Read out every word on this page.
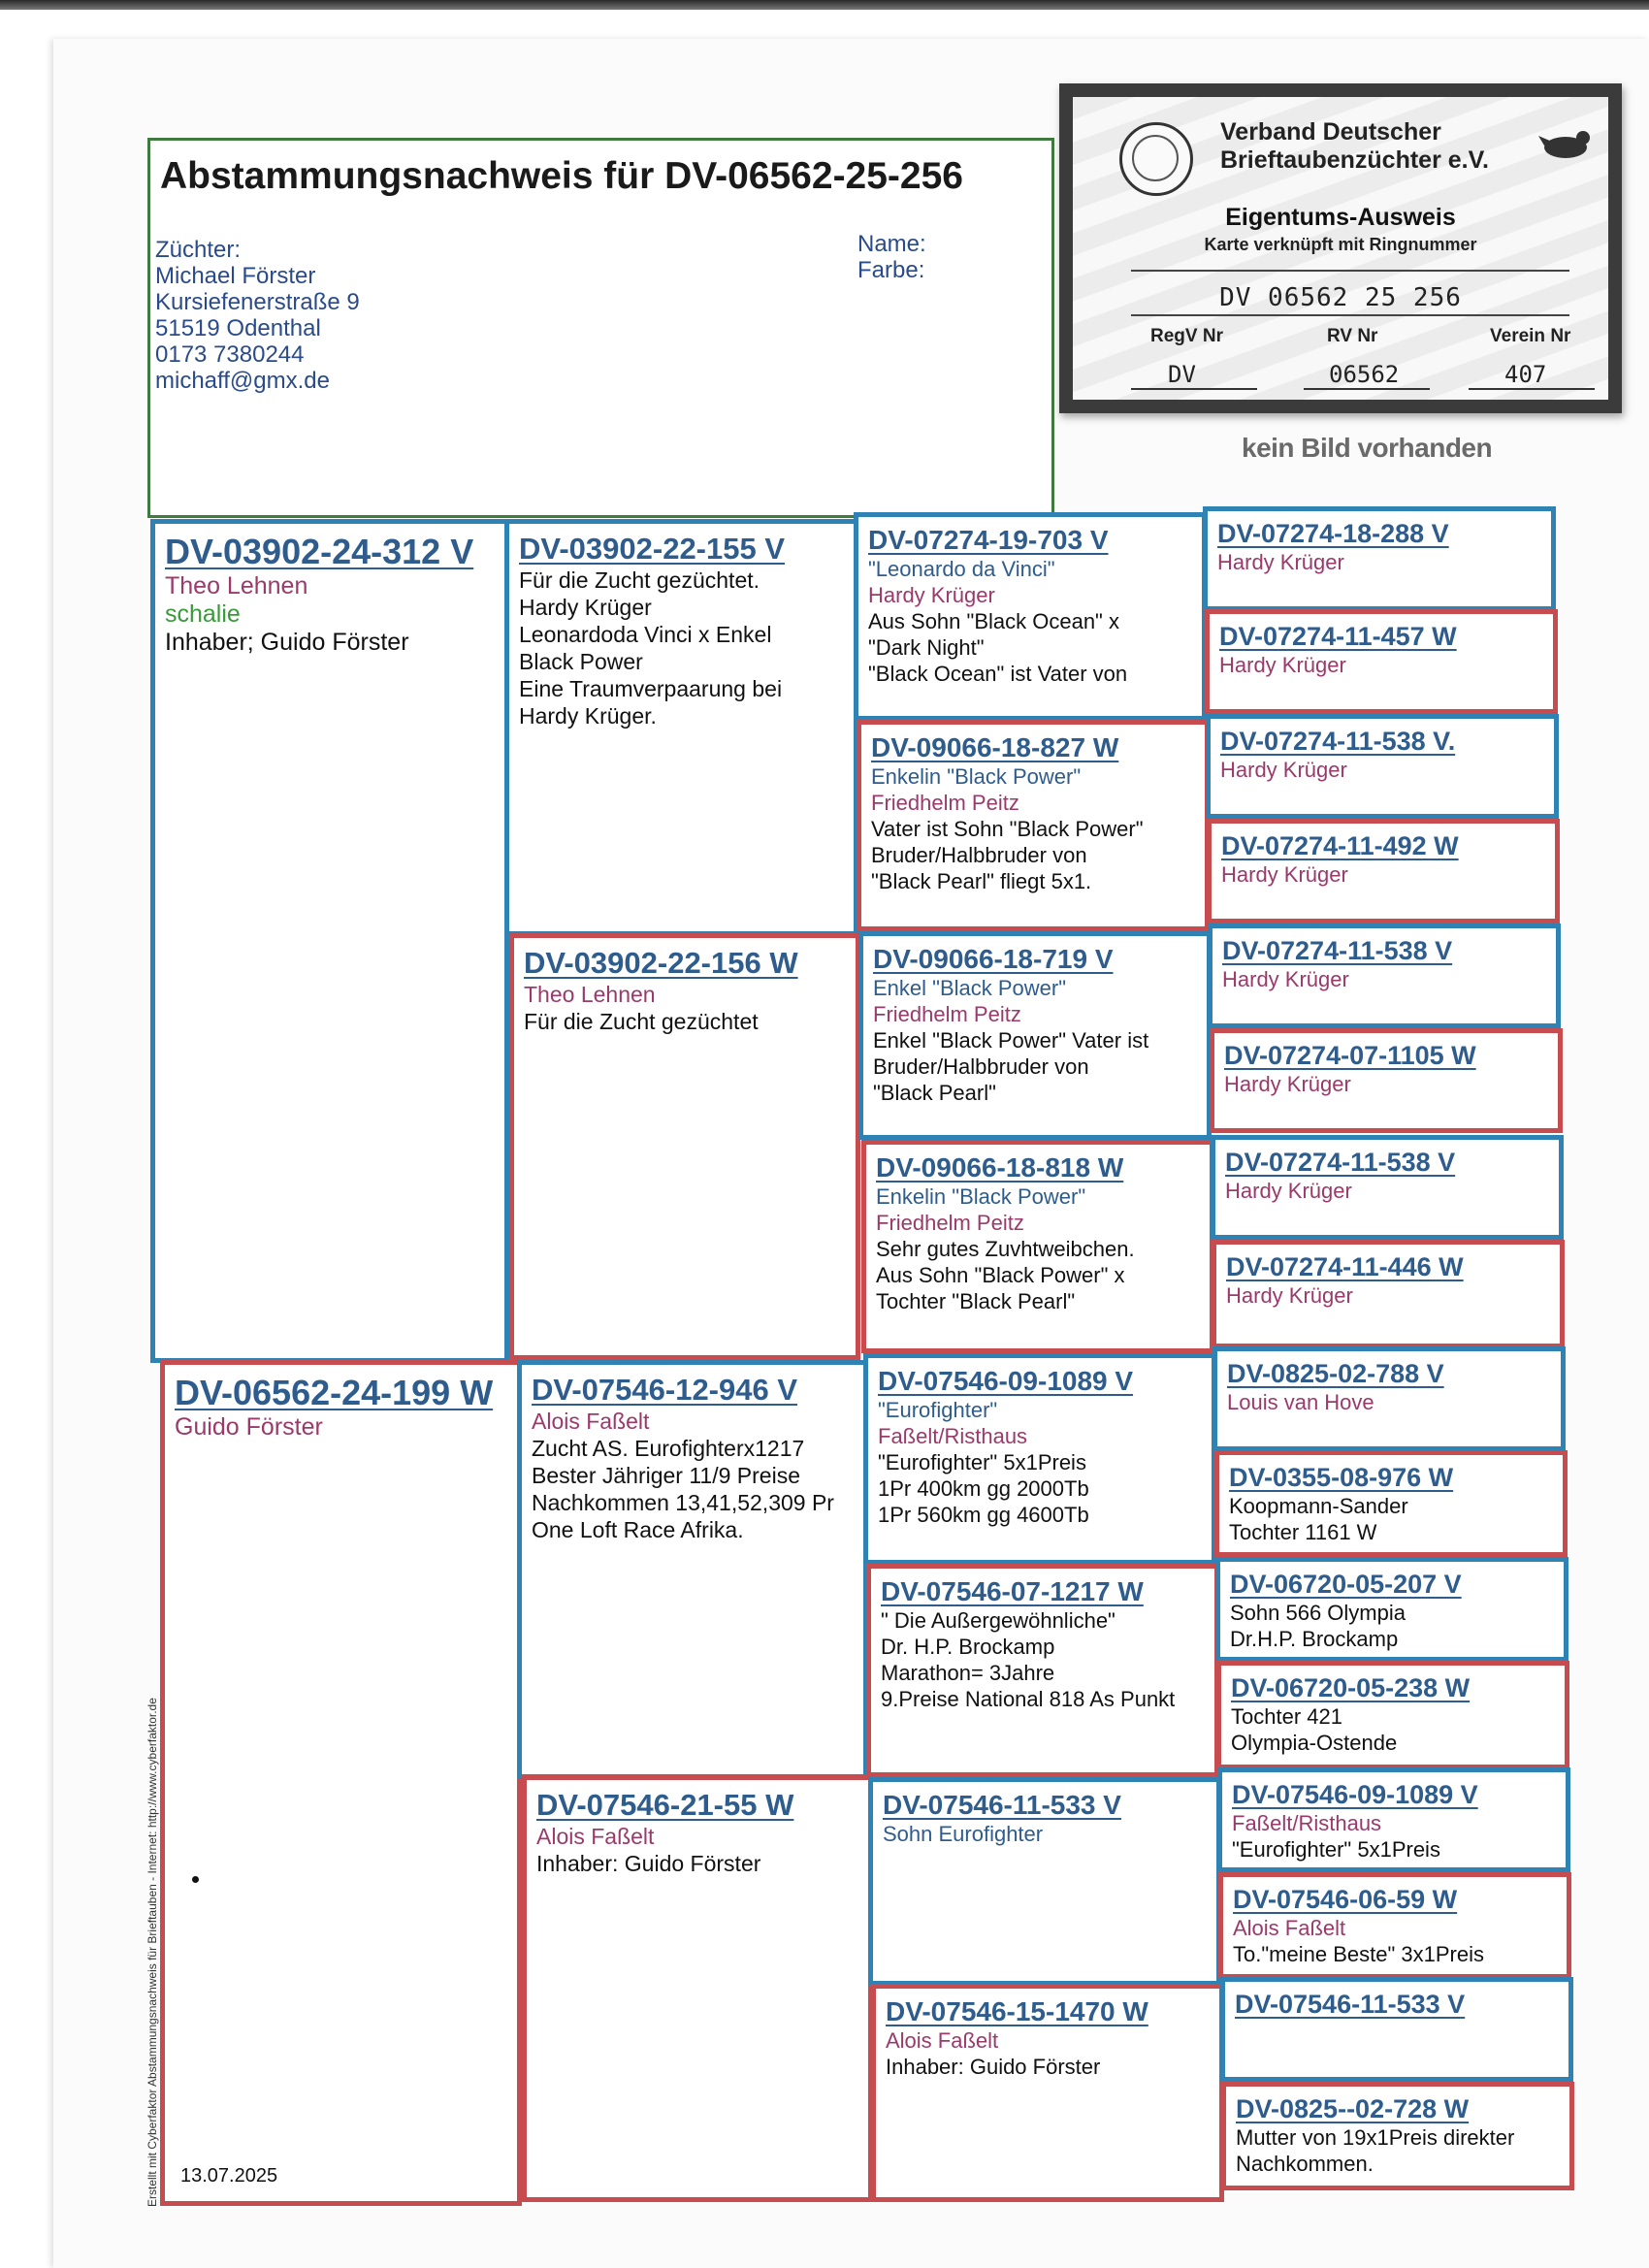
Abstammungsnachweis für DV-06562-25-256
Züchter:
Michael Förster
Kursiefenerstraße 9
51519 Odenthal
0173 7380244
michaff@gmx.de
Name:
Farbe:
kein Bild vorhanden
Verband Deutscher
Brieftaubenzüchter e.V.
Eigentums-Ausweis
Karte verknüpft mit Ringnummer
DV 06562 25 256
RegV Nr	RV Nr	Verein Nr
DV	06562	407
DV-03902-24-312 V
Theo Lehnen
schalie
Inhaber; Guido Förster
DV-06562-24-199 W
Guido Förster
DV-03902-22-155 V
Für die Zucht gezüchtet.
Hardy Krüger
Leonardoda Vinci x Enkel
Black Power
Eine Traumverpaarung bei
Hardy Krüger.
DV-03902-22-156 W
Theo Lehnen
Für die Zucht gezüchtet
DV-07546-12-946 V
Alois Faßelt
Zucht AS. Eurofighterx1217
Bester Jähriger 11/9 Preise
Nachkommen 13,41,52,309 Pr
One Loft Race Afrika.
DV-07546-21-55 W
Alois Faßelt
Inhaber: Guido Förster
DV-07274-19-703 V
"Leonardo da Vinci"
Hardy Krüger
Aus Sohn "Black Ocean" x
"Dark Night"
"Black Ocean" ist Vater von
DV-09066-18-827 W
Enkelin "Black Power"
Friedhelm Peitz
Vater ist Sohn "Black Power"
Bruder/Halbbruder von
"Black Pearl" fliegt 5x1.
DV-09066-18-719 V
Enkel "Black Power"
Friedhelm Peitz
Enkel "Black Power" Vater ist
Bruder/Halbbruder von
"Black Pearl"
DV-09066-18-818 W
Enkelin "Black Power"
Friedhelm Peitz
Sehr gutes Zuvhtweibchen.
Aus Sohn "Black Power" x
Tochter "Black Pearl"
DV-07546-09-1089 V
"Eurofighter"
Faßelt/Risthaus
"Eurofighter" 5x1Preis
1Pr 400km gg 2000Tb
1Pr 560km gg 4600Tb
DV-07546-07-1217 W
" Die Außergewöhnliche"
Dr. H.P. Brockamp
Marathon= 3Jahre
9.Preise National 818 As Punkt
DV-07546-11-533 V
Sohn Eurofighter
DV-07546-15-1470 W
Alois Faßelt
Inhaber: Guido Förster
DV-07274-18-288 V
Hardy Krüger
DV-07274-11-457 W
Hardy Krüger
DV-07274-11-538 V.
Hardy Krüger
DV-07274-11-492 W
Hardy Krüger
DV-07274-11-538 V
Hardy Krüger
DV-07274-07-1105 W
Hardy Krüger
DV-07274-11-538 V
Hardy Krüger
DV-07274-11-446 W
Hardy Krüger
DV-0825-02-788 V
Louis van Hove
DV-0355-08-976 W
Koopmann-Sander
Tochter 1161 W
DV-06720-05-207 V
Sohn 566 Olympia
Dr.H.P. Brockamp
DV-06720-05-238 W
Tochter 421
Olympia-Ostende
DV-07546-09-1089 V
Faßelt/Risthaus
"Eurofighter" 5x1Preis
DV-07546-06-59 W
Alois Faßelt
To."meine Beste" 3x1Preis
DV-07546-11-533 V
DV-0825--02-728 W
Mutter von 19x1Preis direkter
Nachkommen.
13.07.2025
Erstellt mit Cyberfaktor Abstammungsnachweis für Brieftauben - Internet: http://www.cyberfaktor.de
